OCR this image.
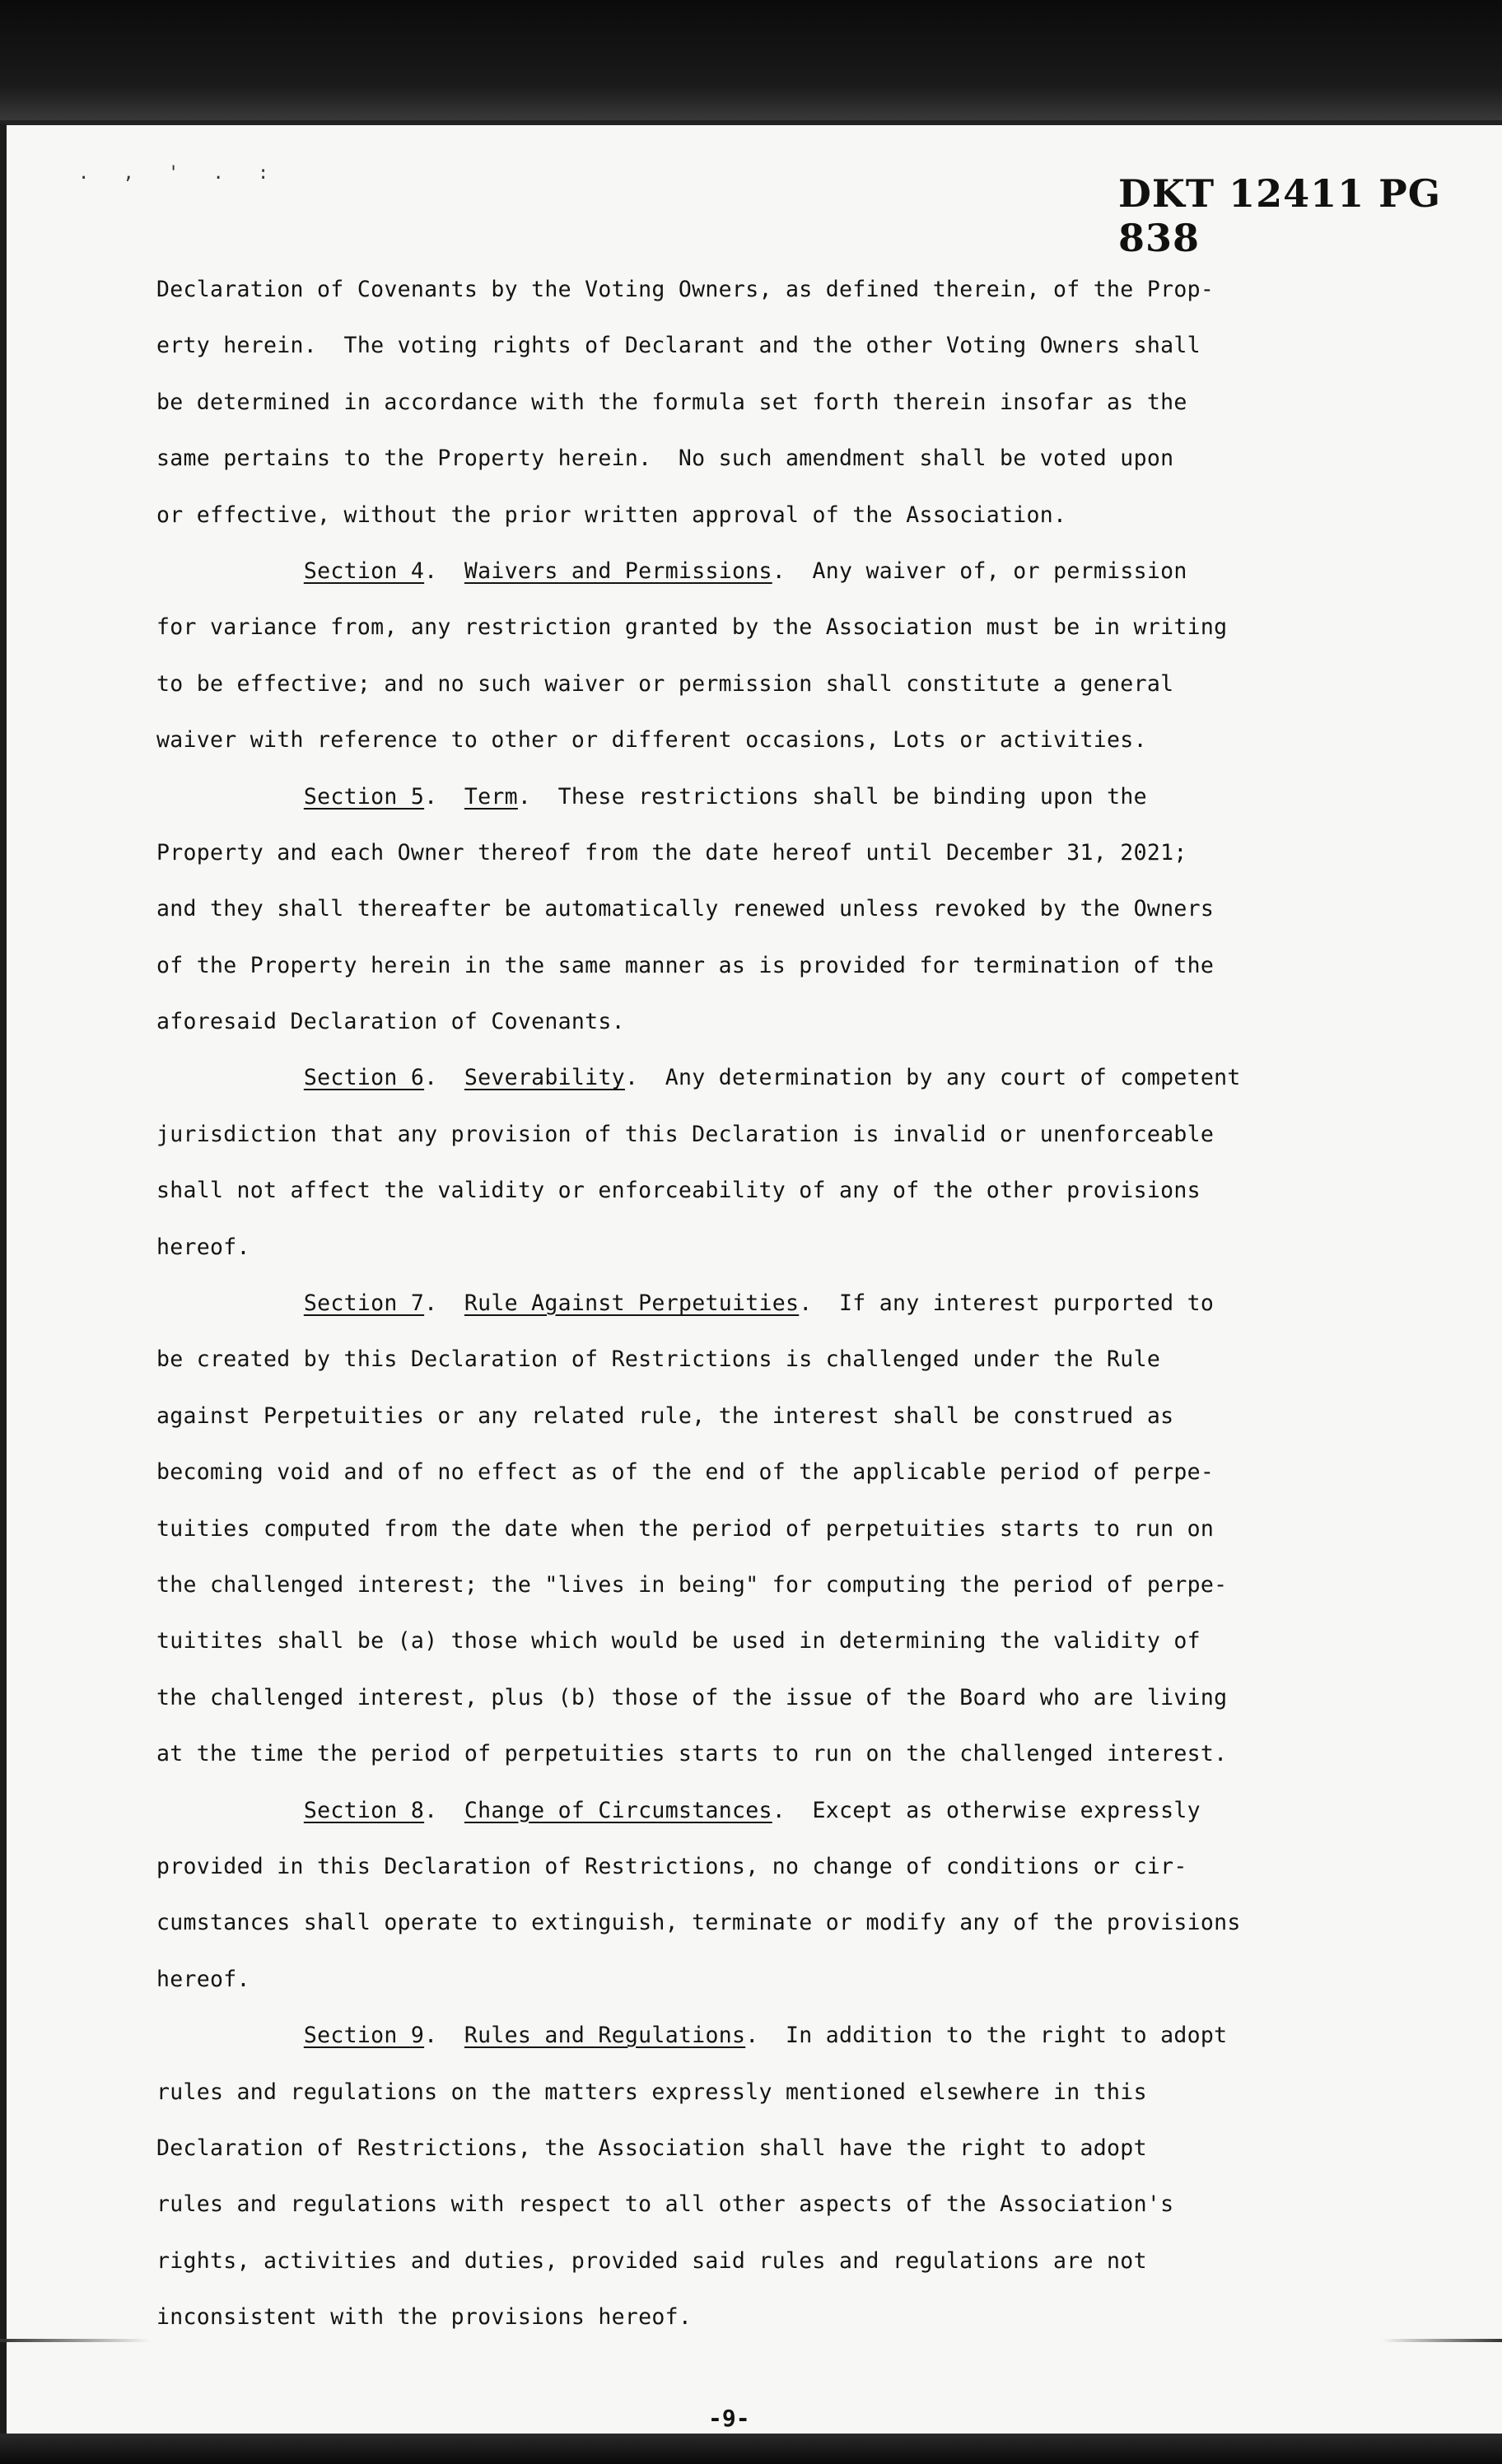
. , ' . :	DKT 12411 PG 838
Declaration of Covenants by the Voting Owners, as defined therein, of the Prop-
erty herein.  The voting rights of Declarant and the other Voting Owners shall
be determined in accordance with the formula set forth therein insofar as the
same pertains to the Property herein.  No such amendment shall be voted upon
or effective, without the prior written approval of the Association.
Section 4.  Waivers and Permissions.  Any waiver of, or permission
for variance from, any restriction granted by the Association must be in writing
to be effective; and no such waiver or permission shall constitute a general
waiver with reference to other or different occasions, Lots or activities.
Section 5.  Term.  These restrictions shall be binding upon the
Property and each Owner thereof from the date hereof until December 31, 2021;
and they shall thereafter be automatically renewed unless revoked by the Owners
of the Property herein in the same manner as is provided for termination of the
aforesaid Declaration of Covenants.
Section 6.  Severability.  Any determination by any court of competent
jurisdiction that any provision of this Declaration is invalid or unenforceable
shall not affect the validity or enforceability of any of the other provisions
hereof.
Section 7.  Rule Against Perpetuities.  If any interest purported to
be created by this Declaration of Restrictions is challenged under the Rule
against Perpetuities or any related rule, the interest shall be construed as
becoming void and of no effect as of the end of the applicable period of perpe-
tuities computed from the date when the period of perpetuities starts to run on
the challenged interest; the "lives in being" for computing the period of perpe-
tuitites shall be (a) those which would be used in determining the validity of
the challenged interest, plus (b) those of the issue of the Board who are living
at the time the period of perpetuities starts to run on the challenged interest.
Section 8.  Change of Circumstances.  Except as otherwise expressly
provided in this Declaration of Restrictions, no change of conditions or cir-
cumstances shall operate to extinguish, terminate or modify any of the provisions
hereof.
Section 9.  Rules and Regulations.  In addition to the right to adopt
rules and regulations on the matters expressly mentioned elsewhere in this
Declaration of Restrictions, the Association shall have the right to adopt
rules and regulations with respect to all other aspects of the Association's
rights, activities and duties, provided said rules and regulations are not
inconsistent with the provisions hereof.
-9-
